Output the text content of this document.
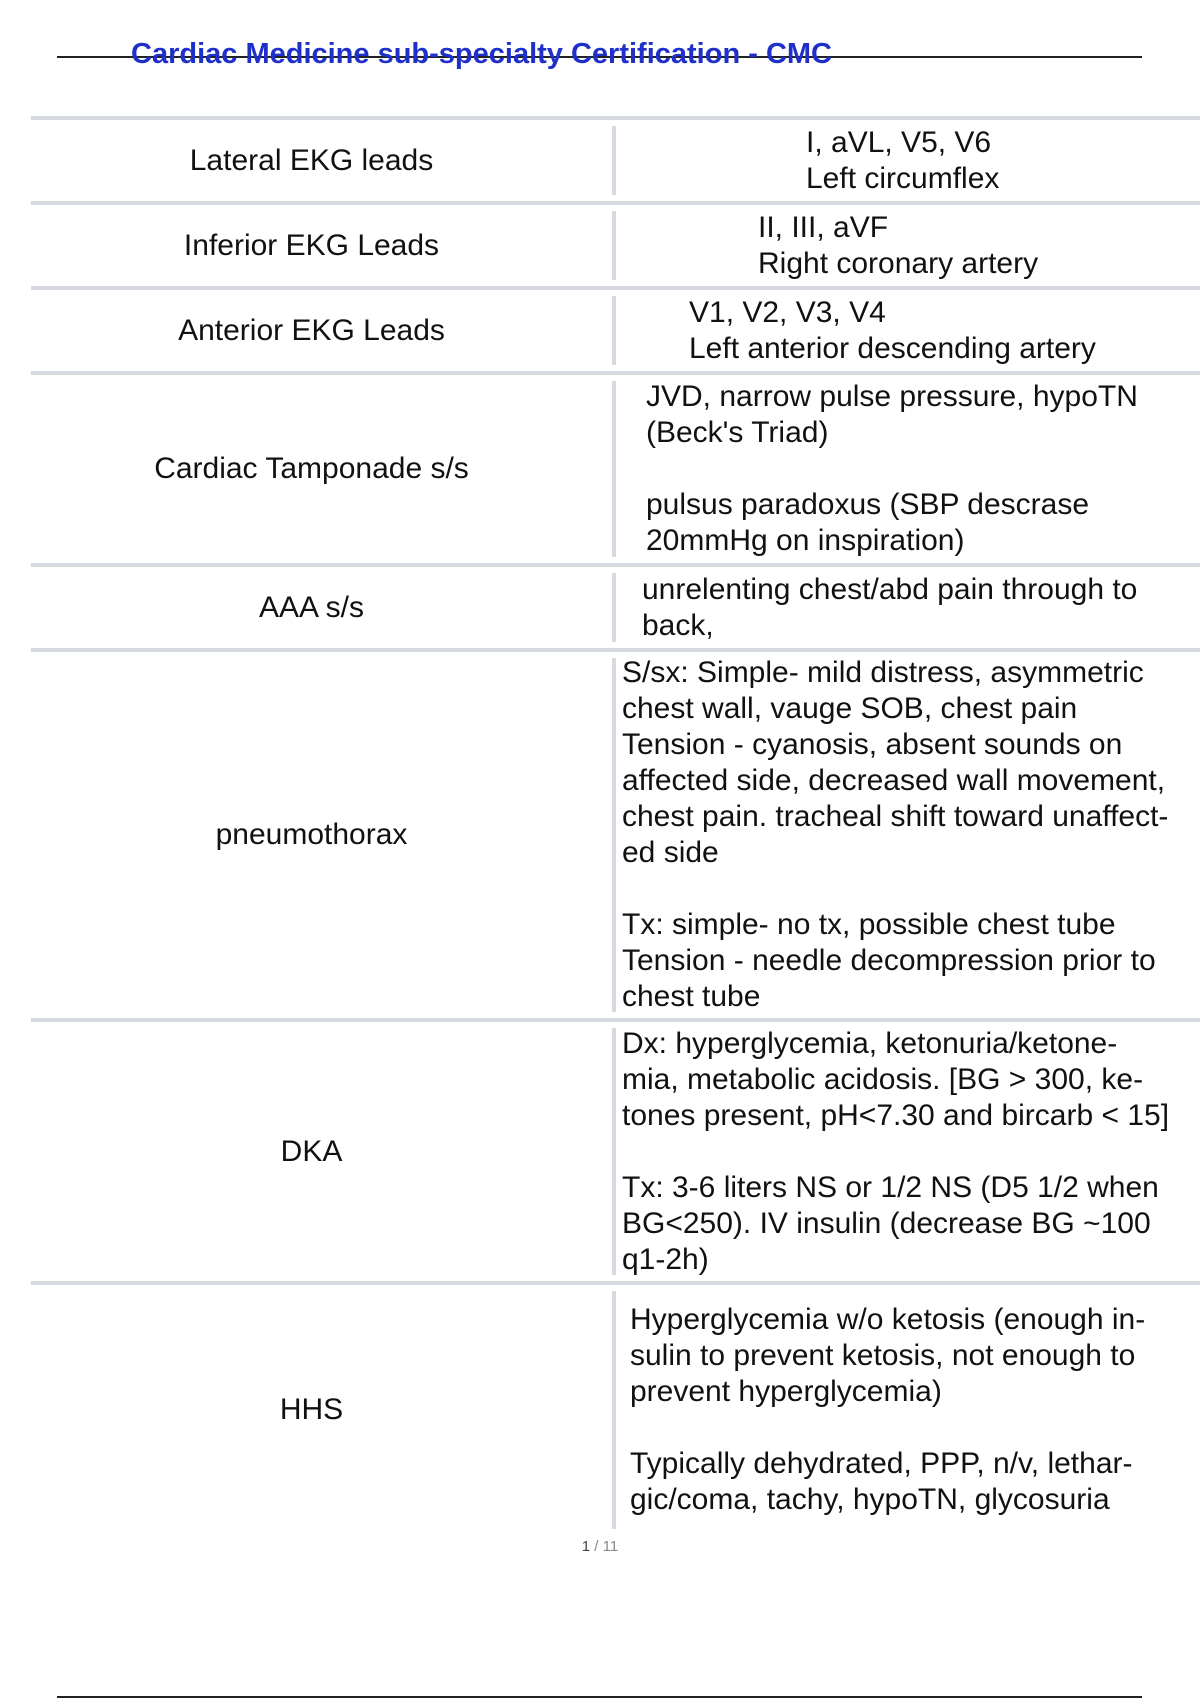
Cardiac Medicine sub-specialty Certification - CMC
Lateral EKG leads
I, aVL, V5, V6
Left circumflex
Inferior EKG Leads
II, III, aVF
Right coronary artery
Anterior EKG Leads
V1, V2, V3, V4
Left anterior descending artery
Cardiac Tamponade s/s
JVD, narrow pulse pressure, hypoTN
(Beck's Triad)

pulsus paradoxus (SBP descrase
20mmHg on inspiration)
AAA s/s
unrelenting chest/abd pain through to
back,
pneumothorax
S/sx: Simple- mild distress, asymmetric
chest wall, vauge SOB, chest pain
Tension - cyanosis, absent sounds on
affected side, decreased wall movement,
chest pain. tracheal shift toward unaffect-
ed side

Tx: simple- no tx, possible chest tube
Tension - needle decompression prior to
chest tube
DKA
Dx: hyperglycemia, ketonuria/ketone-
mia, metabolic acidosis. [BG > 300, ke-
tones present, pH<7.30 and bircarb < 15]

Tx: 3-6 liters NS or 1/2 NS (D5 1/2 when
BG<250). IV insulin (decrease BG ~100
q1-2h)
HHS
Hyperglycemia w/o ketosis (enough in-
sulin to prevent ketosis, not enough to
prevent hyperglycemia)

Typically dehydrated, PPP, n/v, lethar-
gic/coma, tachy, hypoTN, glycosuria
1 / 11
